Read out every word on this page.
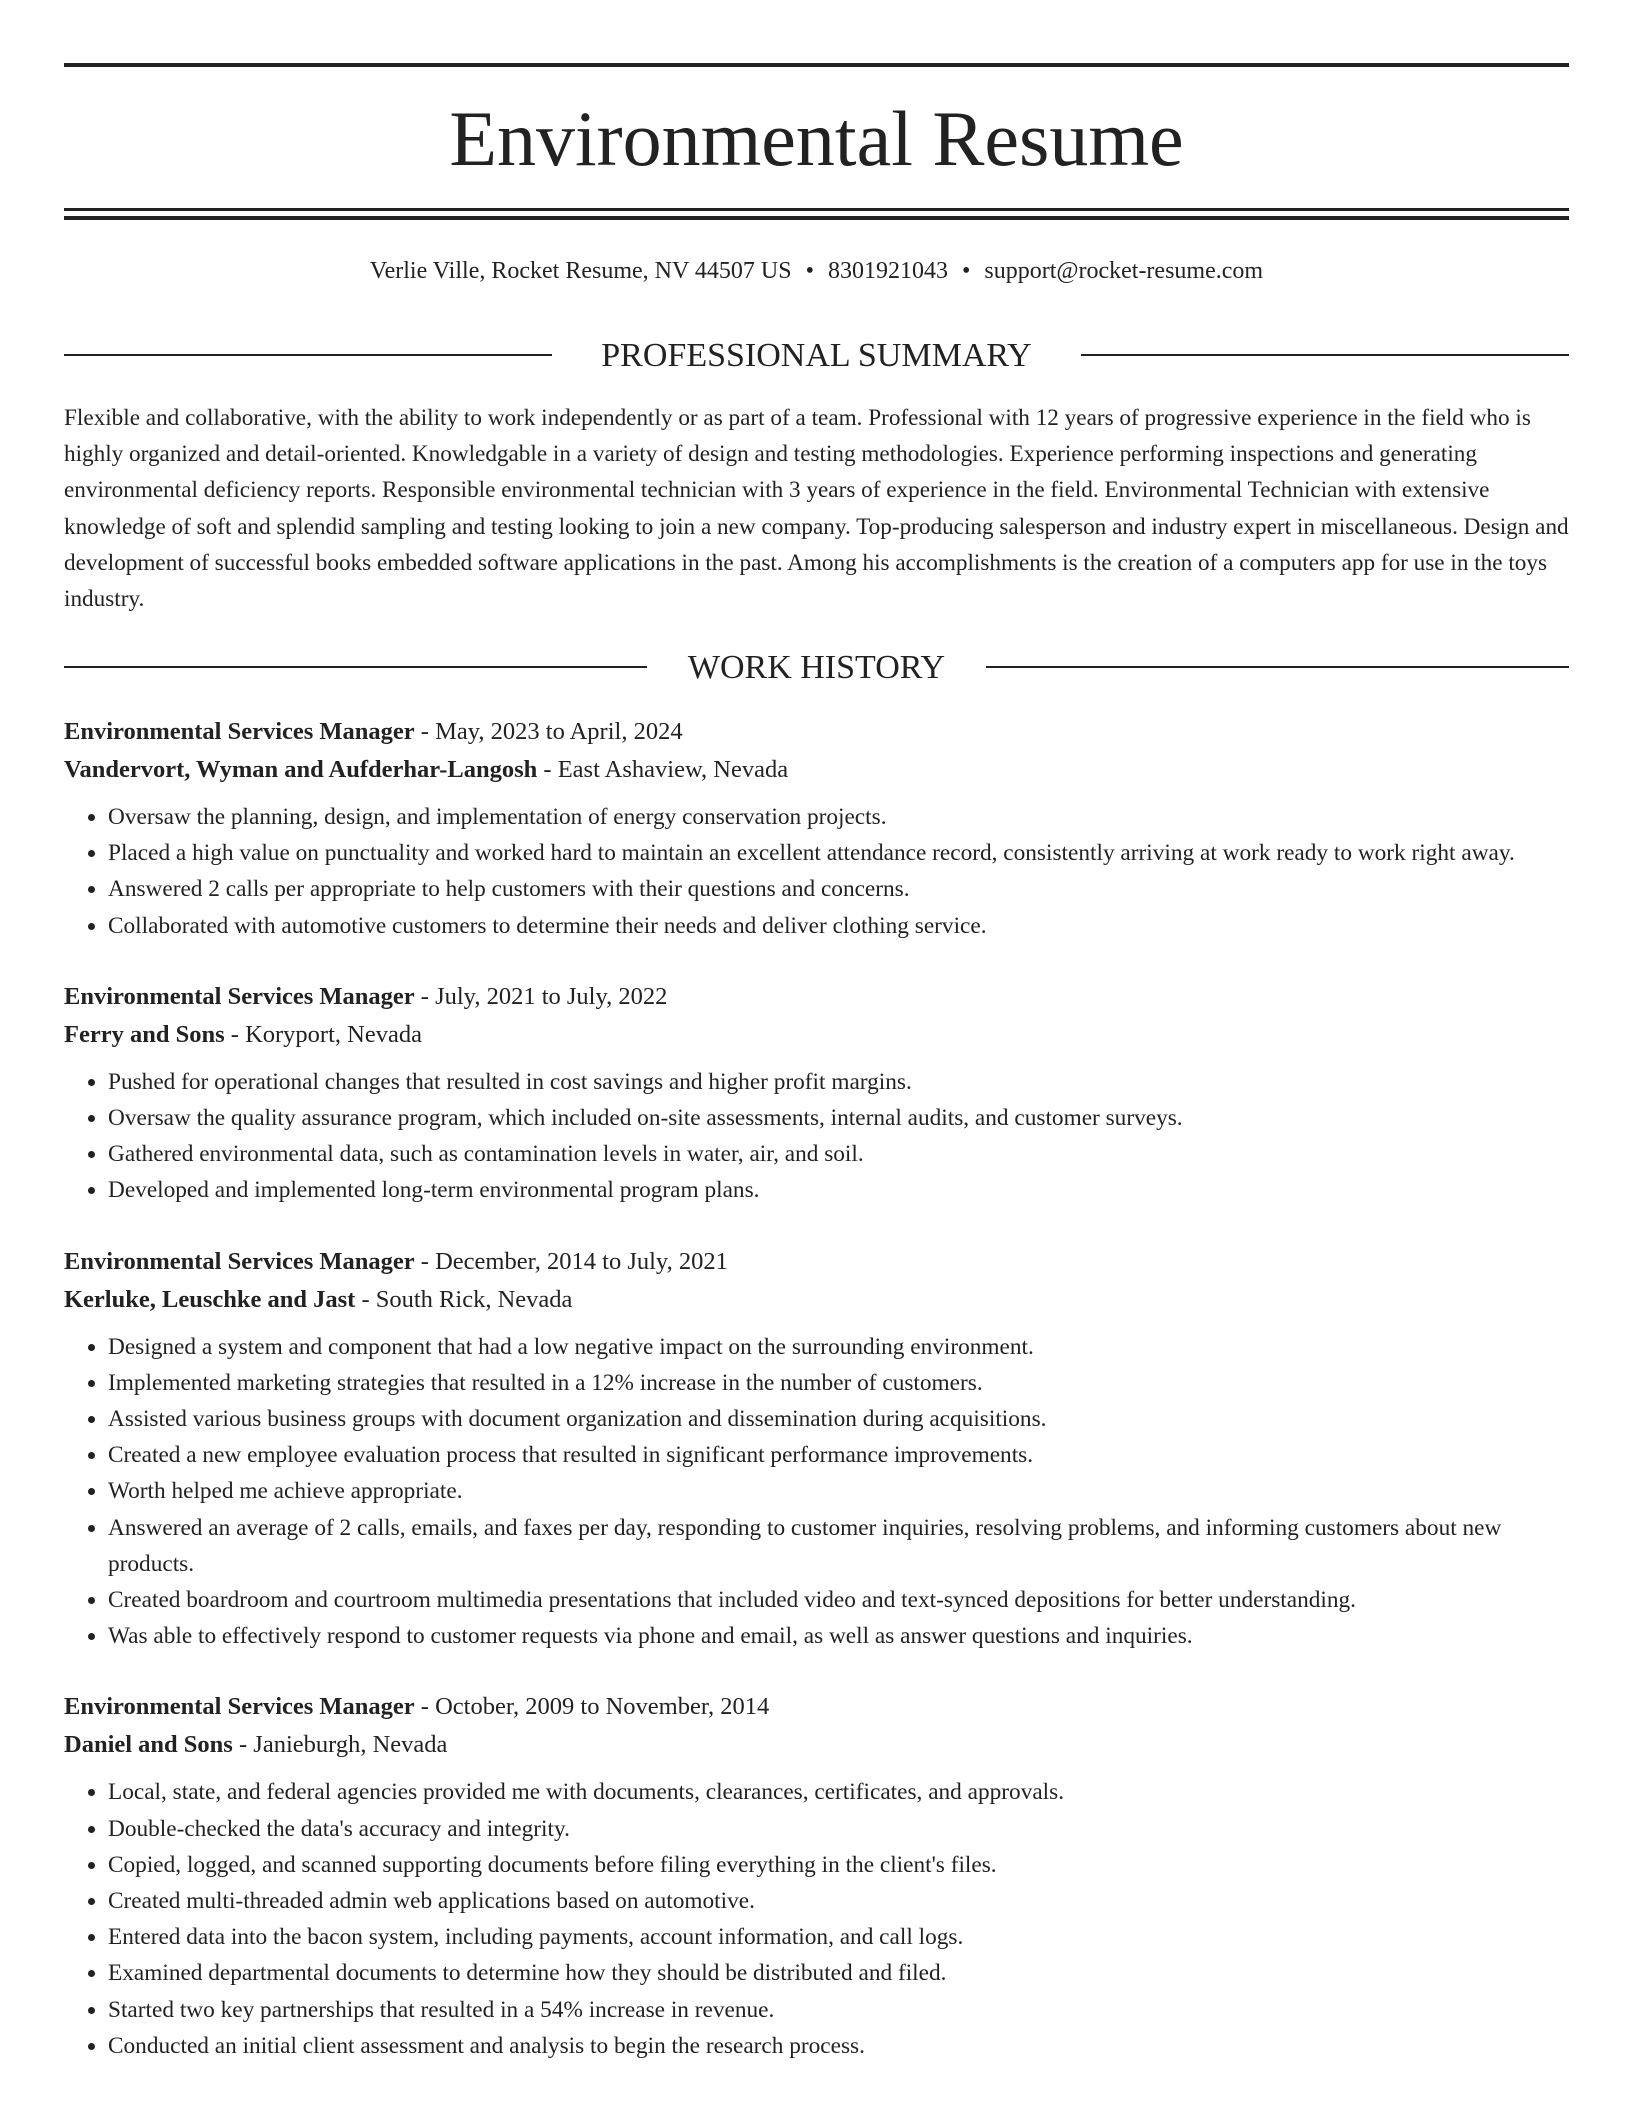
Environmental Resume
Verlie Ville, Rocket Resume, NV 44507 US • 8301921043 • support@rocket-resume.com
PROFESSIONAL SUMMARY

Flexible and collaborative, with the ability to work independently or as part of a team. Professional with 12 years of progressive experience in the field who is highly organized and detail-oriented. Knowledgable in a variety of design and testing methodologies. Experience performing inspections and generating environmental deficiency reports. Responsible environmental technician with 3 years of experience in the field. Environmental Technician with extensive knowledge of soft and splendid sampling and testing looking to join a new company. Top-producing salesperson and industry expert in miscellaneous. Design and development of successful books embedded software applications in the past. Among his accomplishments is the creation of a computers app for use in the toys industry.

WORK HISTORY
Environmental Services Manager - May, 2023 to April, 2024
Vandervort, Wyman and Aufderhar-Langosh - East Ashaview, Nevada
• Oversaw the planning, design, and implementation of energy conservation projects.
• Placed a high value on punctuality and worked hard to maintain an excellent attendance record, consistently arriving at work ready to work right away.
• Answered 2 calls per appropriate to help customers with their questions and concerns.
• Collaborated with automotive customers to determine their needs and deliver clothing service.
Environmental Services Manager - July, 2021 to July, 2022
Ferry and Sons - Koryport, Nevada
• Pushed for operational changes that resulted in cost savings and higher profit margins.
• Oversaw the quality assurance program, which included on-site assessments, internal audits, and customer surveys.
• Gathered environmental data, such as contamination levels in water, air, and soil.
• Developed and implemented long-term environmental program plans.
Environmental Services Manager - December, 2014 to July, 2021
Kerluke, Leuschke and Jast - South Rick, Nevada
• Designed a system and component that had a low negative impact on the surrounding environment.
• Implemented marketing strategies that resulted in a 12% increase in the number of customers.
• Assisted various business groups with document organization and dissemination during acquisitions.
• Created a new employee evaluation process that resulted in significant performance improvements.
• Worth helped me achieve appropriate.
• Answered an average of 2 calls, emails, and faxes per day, responding to customer inquiries, resolving problems, and informing customers about new products.
• Created boardroom and courtroom multimedia presentations that included video and text-synced depositions for better understanding.
• Was able to effectively respond to customer requests via phone and email, as well as answer questions and inquiries.
Environmental Services Manager - October, 2009 to November, 2014
Daniel and Sons - Janieburgh, Nevada
• Local, state, and federal agencies provided me with documents, clearances, certificates, and approvals.
• Double-checked the data's accuracy and integrity.
• Copied, logged, and scanned supporting documents before filing everything in the client's files.
• Created multi-threaded admin web applications based on automotive.
• Entered data into the bacon system, including payments, account information, and call logs.
• Examined departmental documents to determine how they should be distributed and filed.
• Started two key partnerships that resulted in a 54% increase in revenue.
• Conducted an initial client assessment and analysis to begin the research process.
